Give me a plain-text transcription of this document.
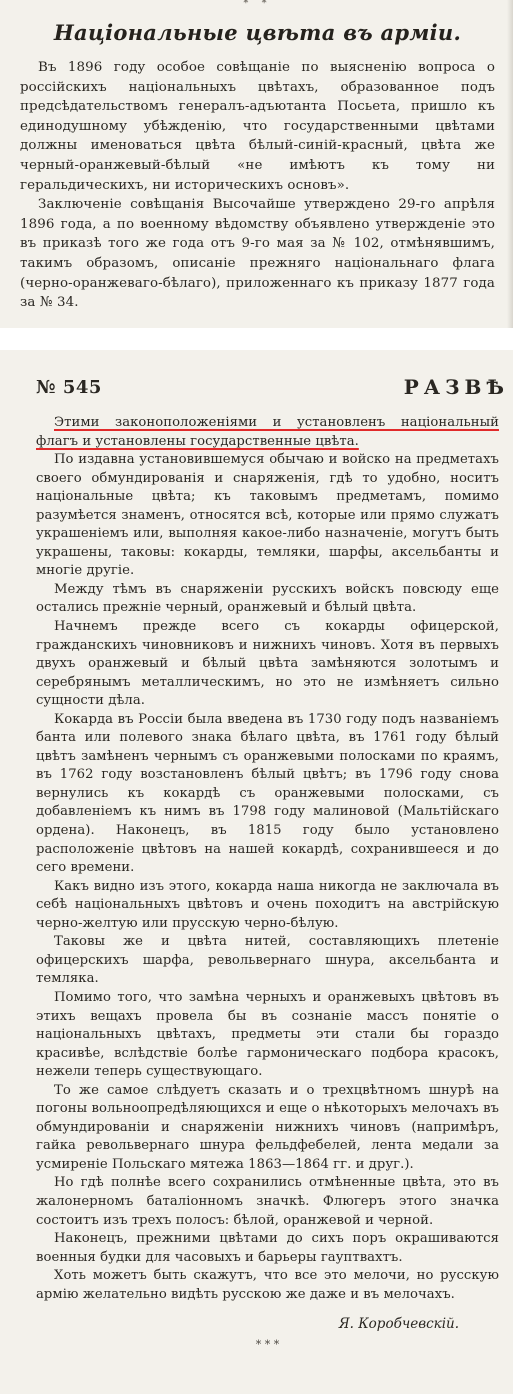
* *
Національные цвѣта въ арміи.

Въ 1896 году особое совѣщаніе по выясненію вопроса о россійскихъ національныхъ цвѣтахъ, образованное подъ предсѣдательствомъ генералъ-адъютанта Посьета, пришло къ единодушному убѣжденію, что государственными цвѣтами должны именоваться цвѣта бѣлый-синій-красный, цвѣта же черный-оранжевый-бѣлый «не имѣютъ къ тому ни геральдическихъ, ни историческихъ основъ».

Заключеніе совѣщанія Высочайше утверждено 29-го апрѣля 1896 года, а по военному вѣдомству объявлено утвержденіе это въ приказѣ того же года отъ 9-го мая за № 102, отмѣнявшимъ, такимъ образомъ, описаніе прежняго національнаго флага (черно-оранжеваго-бѣлаго), приложеннаго къ приказу 1877 года за № 34.

№ 545	РАЗВѢ

Этими законоположеніями и установленъ національный флагъ и установлены государственные цвѣта.

По издавна установившемуся обычаю и войско на предметахъ своего обмундированія и снаряженія, гдѣ то удобно, носитъ національные цвѣта; къ таковымъ предметамъ, помимо разумѣется знаменъ, относятся всѣ, которые или прямо служатъ украшеніемъ или, выполняя какое-либо назначеніе, могутъ быть украшены, таковы: кокарды, темляки, шарфы, аксельбанты и многіе другіе.

Между тѣмъ въ снаряженіи русскихъ войскъ повсюду еще остались прежніе черный, оранжевый и бѣлый цвѣта.

Начнемъ прежде всего съ кокарды офицерской, гражданскихъ чиновниковъ и нижнихъ чиновъ. Хотя въ первыхъ двухъ оранжевый и бѣлый цвѣта замѣняются золотымъ и серебрянымъ металлическимъ, но это не измѣняетъ сильно сущности дѣла.

Кокарда въ Россіи была введена въ 1730 году подъ названіемъ банта или полевого знака бѣлаго цвѣта, въ 1761 году бѣлый цвѣтъ замѣненъ чернымъ съ оранжевыми полосками по краямъ, въ 1762 году возстановленъ бѣлый цвѣтъ; въ 1796 году снова вернулись къ кокардѣ съ оранжевыми полосками, съ добавленіемъ къ нимъ въ 1798 году малиновой (Мальтійскаго ордена). Наконецъ, въ 1815 году было установлено расположеніе цвѣтовъ на нашей кокардѣ, сохранившееся и до сего времени.

Какъ видно изъ этого, кокарда наша никогда не заключала въ себѣ національныхъ цвѣтовъ и очень походитъ на австрійскую черно-желтую или прусскую черно-бѣлую.

Таковы же и цвѣта нитей, составляющихъ плетеніе офицерскихъ шарфа, револьвернаго шнура, аксельбанта и темляка.

Помимо того, что замѣна черныхъ и оранжевыхъ цвѣтовъ въ этихъ вещахъ провела бы въ сознаніе массъ понятіе о національныхъ цвѣтахъ, предметы эти стали бы гораздо красивѣе, вслѣдствіе болѣе гармоническаго подбора красокъ, нежели теперь существующаго.

То же самое слѣдуетъ сказать и о трехцвѣтномъ шнурѣ на погоны вольноопредѣляющихся и еще о нѣкоторыхъ мелочахъ въ обмундированіи и снаряженіи нижнихъ чиновъ (напримѣръ, гайка револьвернаго шнура фельдфебелей, лента медали за усмиреніе Польскаго мятежа 1863—1864 гг. и друг.).

Но гдѣ полнѣе всего сохранились отмѣненные цвѣта, это въ жалонерномъ баталіонномъ значкѣ. Флюгеръ этого значка состоитъ изъ трехъ полосъ: бѣлой, оранжевой и черной.

Наконецъ, прежними цвѣтами до сихъ поръ окрашиваются военныя будки для часовыхъ и барьеры гауптвахтъ.

Хоть можетъ быть скажутъ, что все это мелочи, но русскую армію желательно видѣть русскою же даже и въ мелочахъ.

Я. Коробчевскій.
* * *
